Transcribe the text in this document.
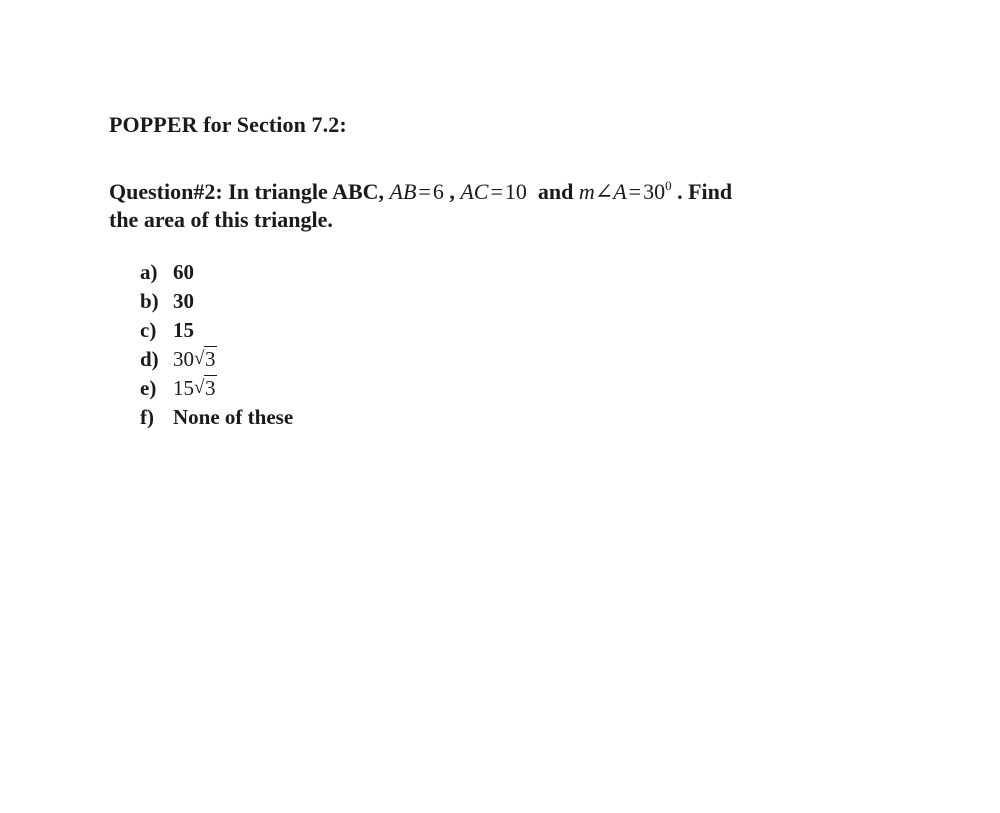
POPPER for Section 7.2:
Question#2: In triangle ABC, AB=6 , AC=10 and $m\angle A=30^0$ . Find
the area of this triangle.
a) 60
b) 30
c) 15
d) 30 √ 3
e) 15 √ 3
f) None of these
